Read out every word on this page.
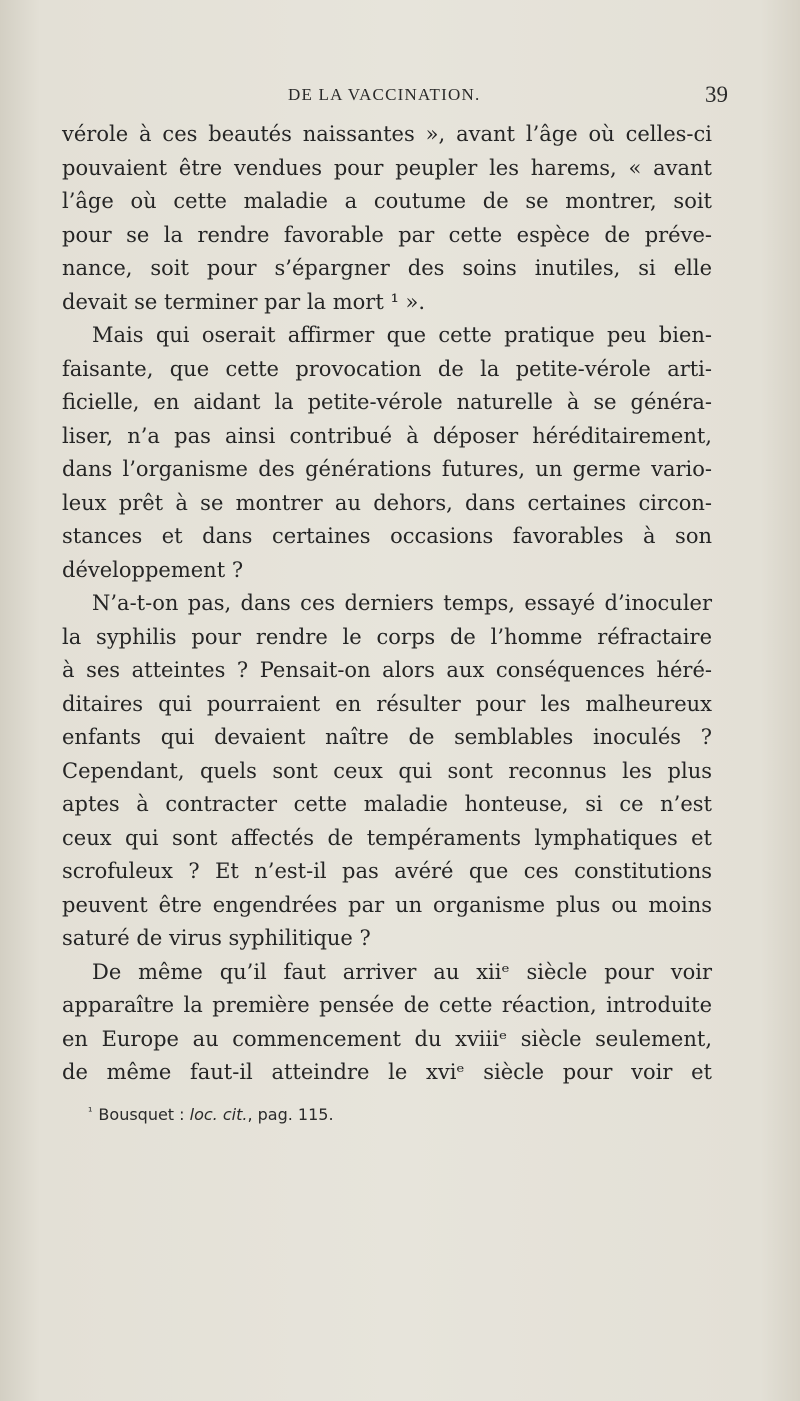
DE LA VACCINATION.	39
vérole à ces beautés naissantes », avant l’âge où celles-ci
pouvaient être vendues pour peupler les harems, « avant
l’âge où cette maladie a coutume de se montrer, soit
pour se la rendre favorable par cette espèce de préve-
nance, soit pour s’épargner des soins inutiles, si elle
devait se terminer par la mort ¹ ».
Mais qui oserait affirmer que cette pratique peu bien-
faisante, que cette provocation de la petite-vérole arti-
ficielle, en aidant la petite-vérole naturelle à se généra-
liser, n’a pas ainsi contribué à déposer héréditairement,
dans l’organisme des générations futures, un germe vario-
leux prêt à se montrer au dehors, dans certaines circon-
stances et dans certaines occasions favorables à son
développement ?
N’a-t-on pas, dans ces derniers temps, essayé d’inoculer
la syphilis pour rendre le corps de l’homme réfractaire
à ses atteintes ? Pensait-on alors aux conséquences héré-
ditaires qui pourraient en résulter pour les malheureux
enfants qui devaient naître de semblables inoculés ?
Cependant, quels sont ceux qui sont reconnus les plus
aptes à contracter cette maladie honteuse, si ce n’est
ceux qui sont affectés de tempéraments lymphatiques et
scrofuleux ? Et n’est-il pas avéré que ces constitutions
peuvent être engendrées par un organisme plus ou moins
saturé de virus syphilitique ?
De même qu’il faut arriver au xiiᵉ siècle pour voir
apparaître la première pensée de cette réaction, introduite
en Europe au commencement du xviiiᵉ siècle seulement,
de même faut-il atteindre le xviᵉ siècle pour voir et
$^{^1}$ Bousquet : loc. cit., pag. 115.
